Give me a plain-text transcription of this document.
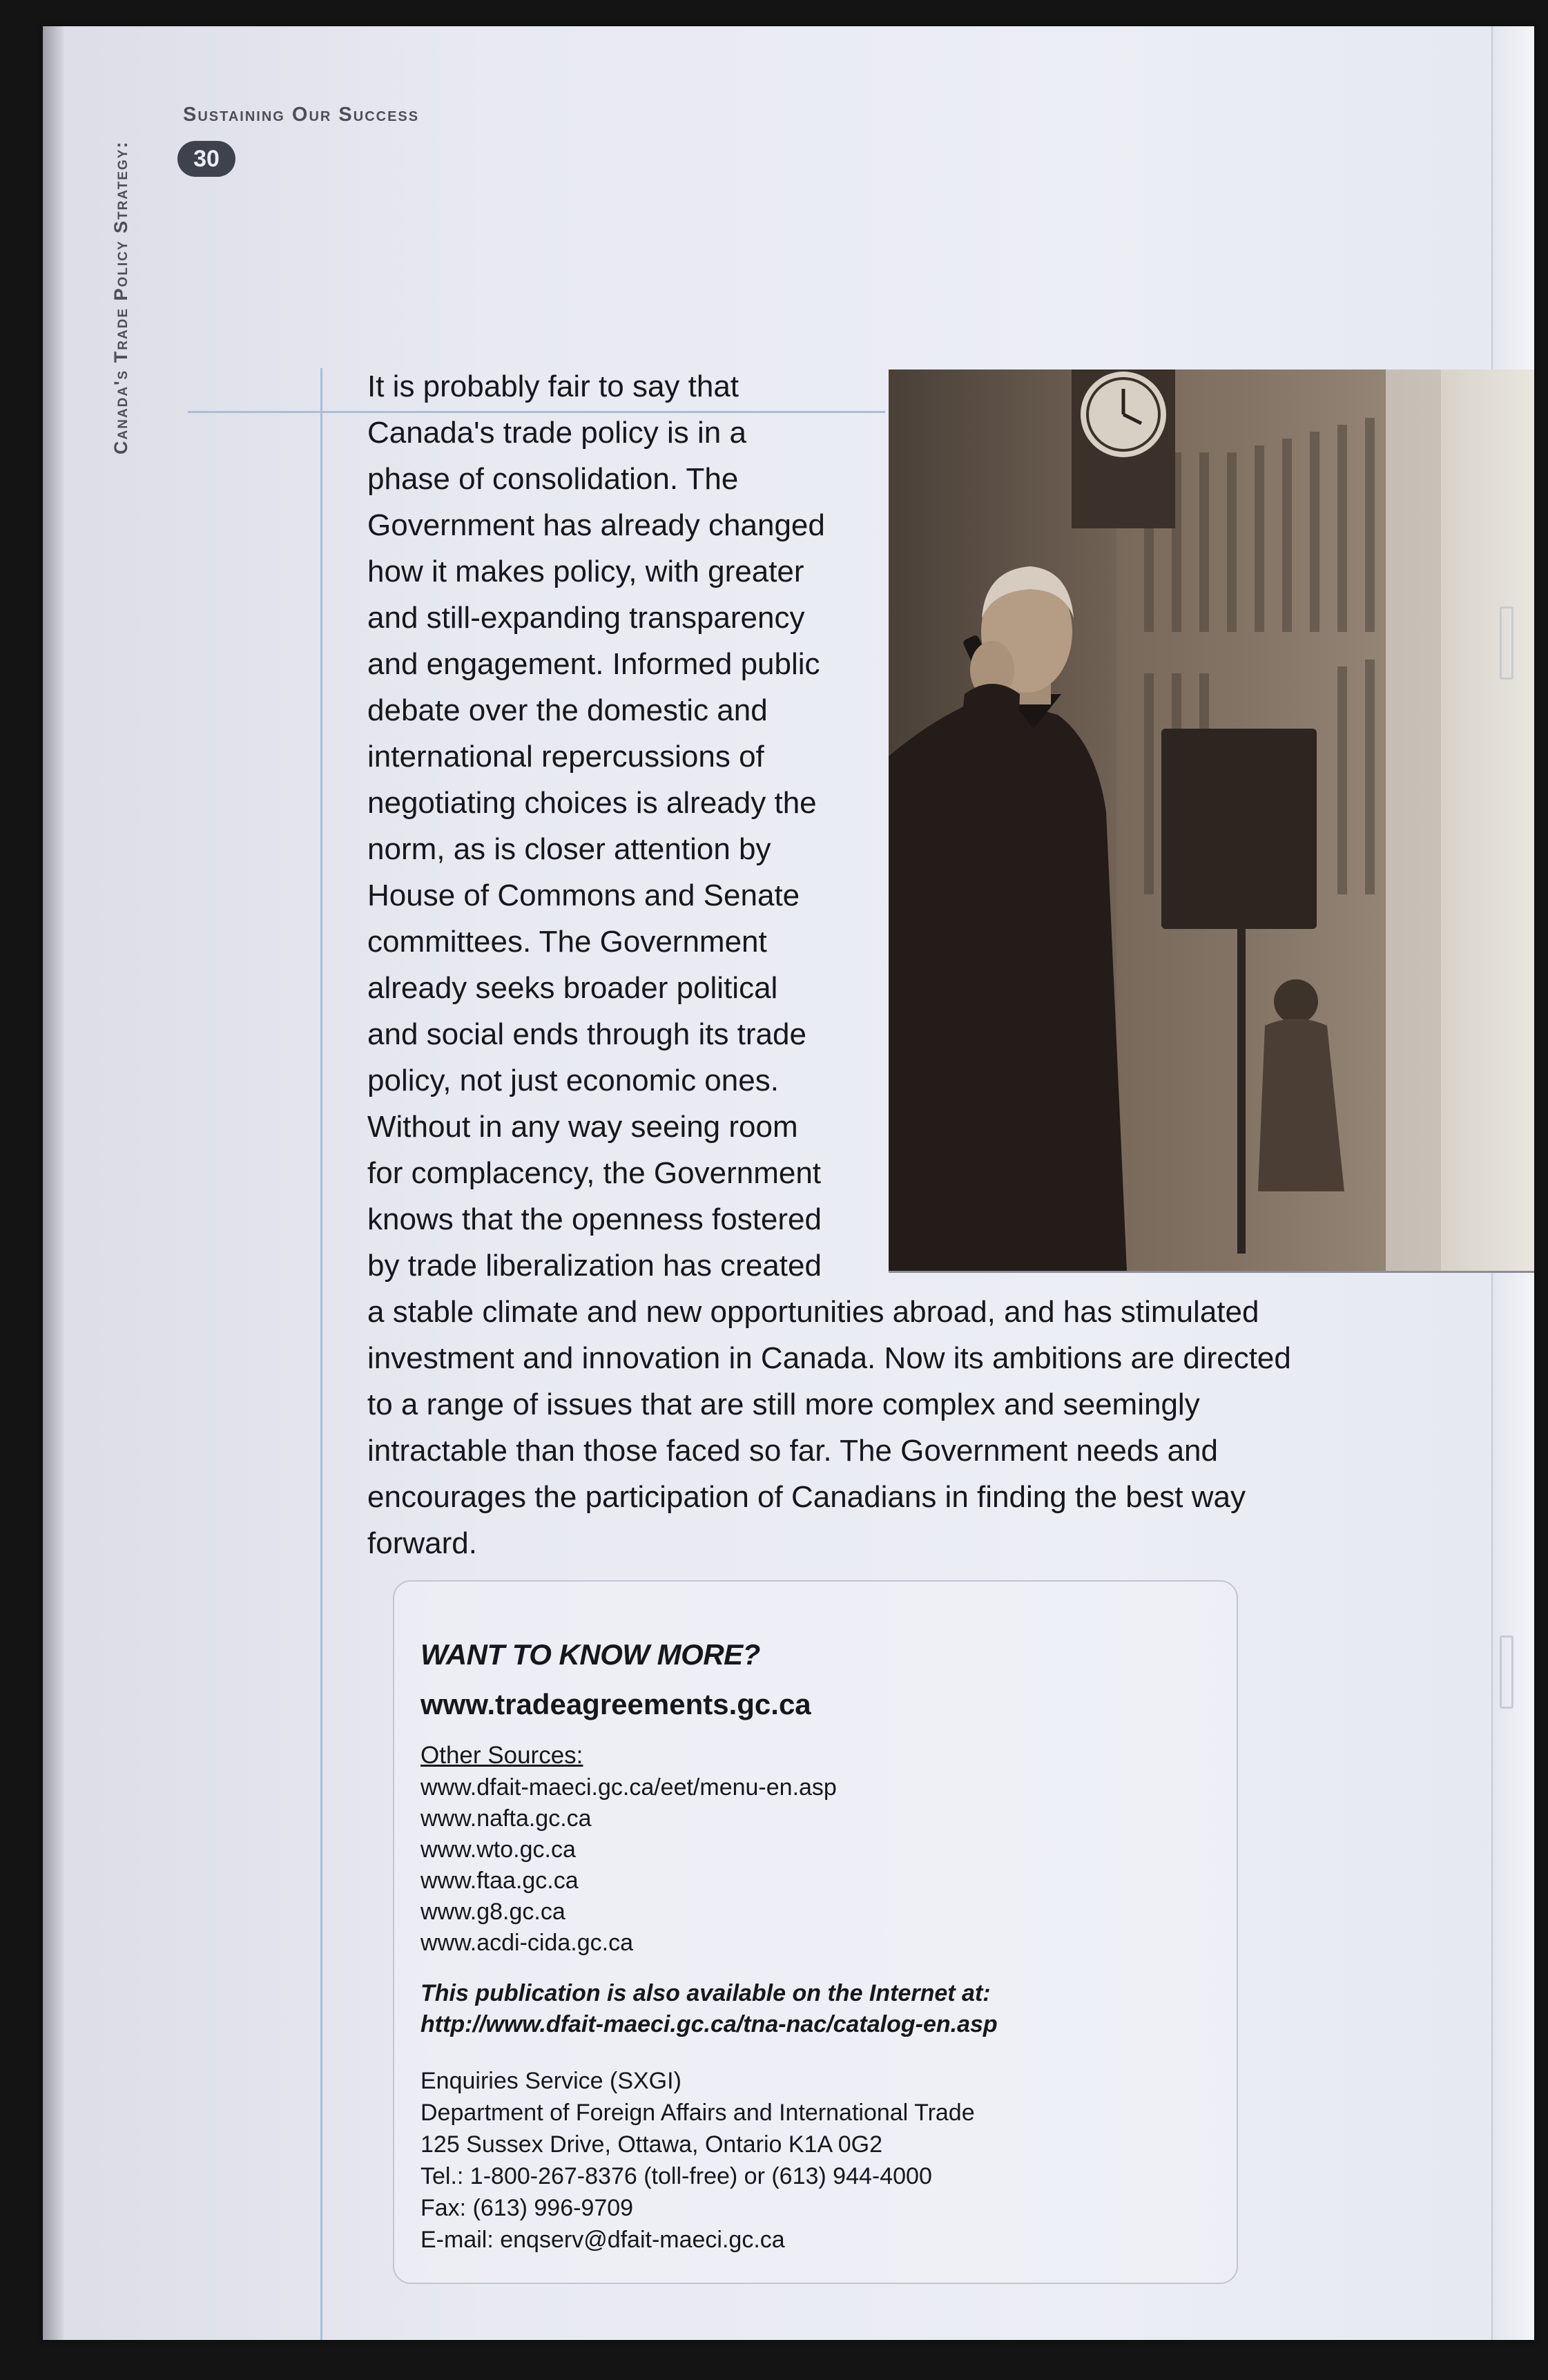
Canada's Trade Policy Strategy:
Sustaining Our Success
30

It is probably fair to say that Canada's trade policy is in a phase of consolidation. The Government has already changed how it makes policy, with greater and still-expanding transparency and engagement. Informed public debate over the domestic and international repercussions of negotiating choices is already the norm, as is closer attention by House of Commons and Senate committees. The Government already seeks broader political and social ends through its trade policy, not just economic ones. Without in any way seeing room for complacency, the Government knows that the openness fostered by trade liberalization has created a stable climate and new opportunities abroad, and has stimulated investment and innovation in Canada. Now its ambitions are directed to a range of issues that are still more complex and seemingly intractable than those faced so far. The Government needs and encourages the participation of Canadians in finding the best way forward.

WANT TO KNOW MORE?

www.tradeagreements.gc.ca

Other Sources:

www.dfait-maeci.gc.ca/eet/menu-en.asp
www.nafta.gc.ca
www.wto.gc.ca
www.ftaa.gc.ca
www.g8.gc.ca
www.acdi-cida.gc.ca
This publication is also available on the Internet at:
http://www.dfait-maeci.gc.ca/tna-nac/catalog-en.asp
Enquiries Service (SXGI)
Department of Foreign Affairs and International Trade
125 Sussex Drive, Ottawa, Ontario K1A 0G2
Tel.: 1-800-267-8376 (toll-free) or (613) 944-4000
Fax: (613) 996-9709
E-mail: enqserv@dfait-maeci.gc.ca
